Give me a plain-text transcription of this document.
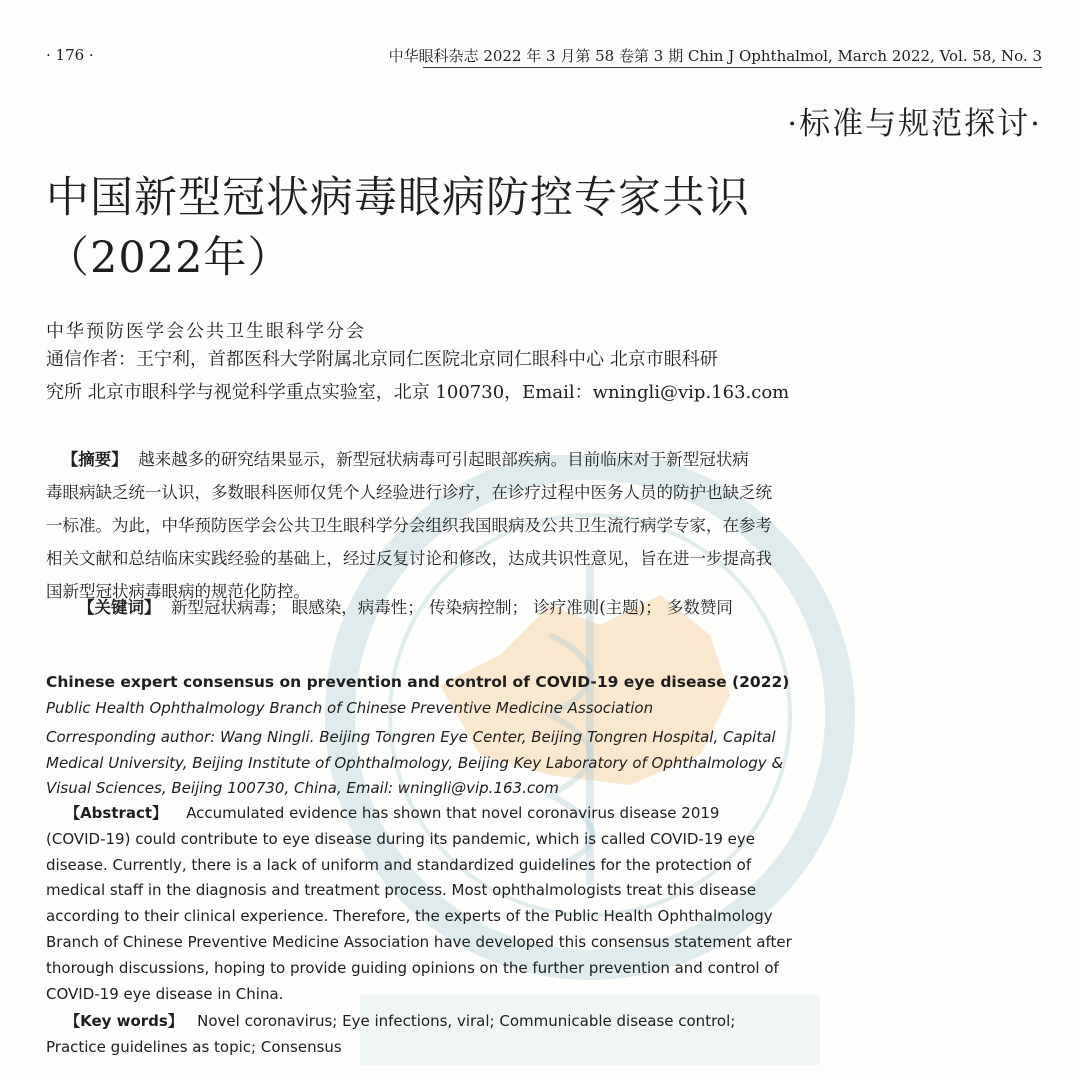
· 176 ·	中华眼科杂志 2022 年 3 月第 58 卷第 3 期 Chin J Ophthalmol, March 2022, Vol. 58, No. 3
·标准与规范探讨·
中国新型冠状病毒眼病防控专家共识
（2022年）
中华预防医学会公共卫生眼科学分会
通信作者：王宁利，首都医科大学附属北京同仁医院北京同仁眼科中心 北京市眼科研
究所 北京市眼科学与视觉科学重点实验室，北京 100730，Email：wningli@vip.163.com
【摘要】 越来越多的研究结果显示，新型冠状病毒可引起眼部疾病。目前临床对于新型冠状病
毒眼病缺乏统一认识，多数眼科医师仅凭个人经验进行诊疗，在诊疗过程中医务人员的防护也缺乏统
一标准。为此，中华预防医学会公共卫生眼科学分会组织我国眼病及公共卫生流行病学专家，在参考
相关文献和总结临床实践经验的基础上，经过反复讨论和修改，达成共识性意见，旨在进一步提高我
国新型冠状病毒眼病的规范化防控。
【关键词】 新型冠状病毒； 眼感染，病毒性； 传染病控制； 诊疗准则(主题)； 多数赞同
Chinese expert consensus on prevention and control of COVID-19 eye disease (2022)
Public Health Ophthalmology Branch of Chinese Preventive Medicine Association
Corresponding author: Wang Ningli. Beijing Tongren Eye Center, Beijing Tongren Hospital, Capital
Medical University, Beijing Institute of Ophthalmology, Beijing Key Laboratory of Ophthalmology &
Visual Sciences, Beijing 100730, China, Email: wningli@vip.163.com
【Abstract】 Accumulated evidence has shown that novel coronavirus disease 2019
(COVID-19) could contribute to eye disease during its pandemic, which is called COVID-19 eye
disease. Currently, there is a lack of uniform and standardized guidelines for the protection of
medical staff in the diagnosis and treatment process. Most ophthalmologists treat this disease
according to their clinical experience. Therefore, the experts of the Public Health Ophthalmology
Branch of Chinese Preventive Medicine Association have developed this consensus statement after
thorough discussions, hoping to provide guiding opinions on the further prevention and control of
COVID-19 eye disease in China.
【Key words】 Novel coronavirus; Eye infections, viral; Communicable disease control;
Practice guidelines as topic; Consensus
